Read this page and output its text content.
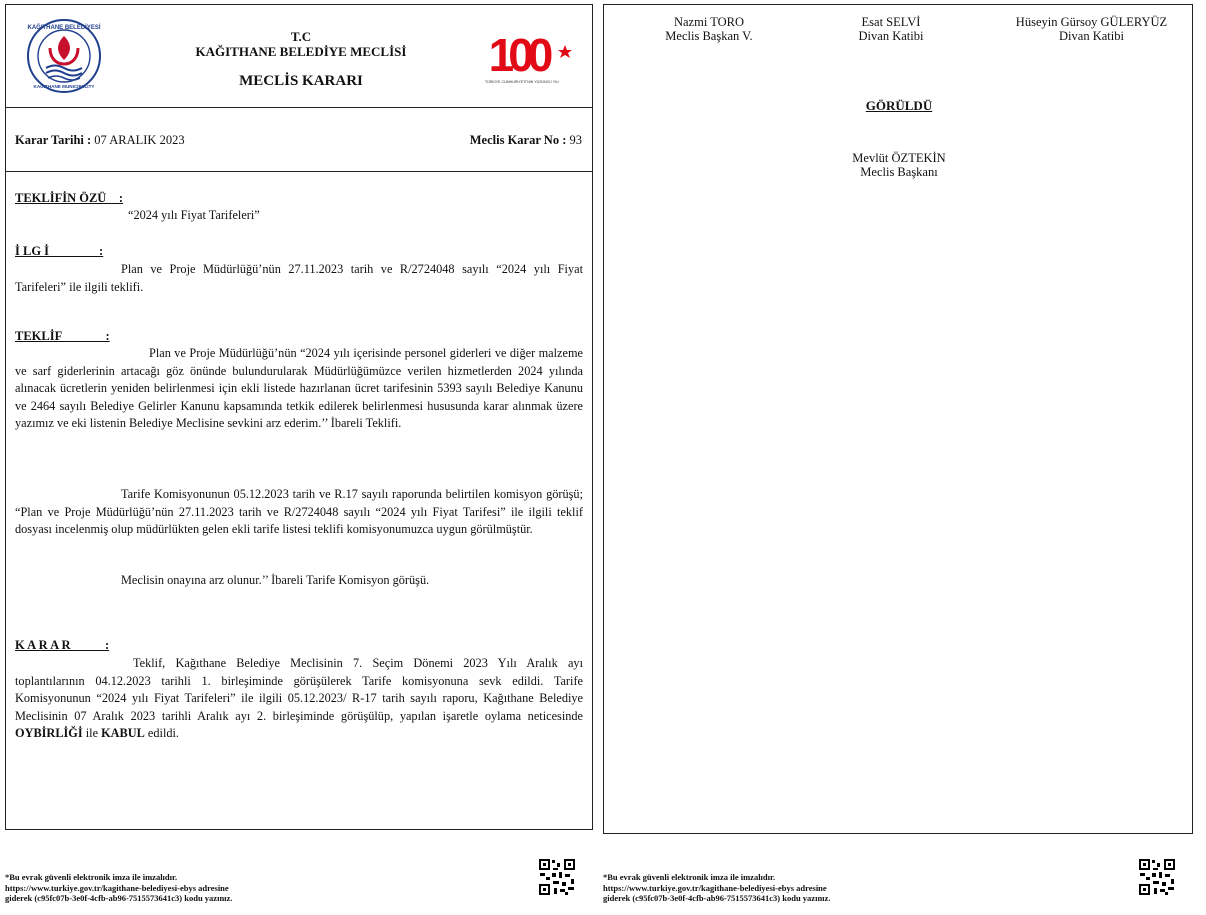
KAĞITHANE BELEDİYESİ
KAĞITHANE MUNICIPALITY
T.C
KAĞITHANE BELEDİYE MECLİSİ
MECLİS KARARI	100
TÜRKİYE CUMHURİYETİ'NİN YÜZÜNCÜ YILI
Karar Tarihi : 07 ARALIK 2023	Meclis Karar No : 93
TEKLİFİN ÖZÜ    :
“2024 yılı Fiyat Tarifeleri”
İ LG İ                :
Plan ve Proje Müdürlüğü’nün 27.11.2023 tarih ve R/2724048 sayılı “2024 yılı Fiyat Tarifeleri” ile ilgili teklifi.
TEKLİF              :
Plan ve Proje Müdürlüğü’nün “2024 yılı içerisinde personel giderleri ve diğer malzeme ve sarf giderlerinin artacağı göz önünde bulundurularak Müdürlüğümüzce verilen hizmetlerden 2024 yılında alınacak ücretlerin yeniden belirlenmesi için ekli listede hazırlanan ücret tarifesinin 5393 sayılı Belediye Kanunu ve 2464 sayılı Belediye Gelirler Kanunu kapsamında tetkik edilerek belirlenmesi hususunda karar alınmak üzere yazımız ve eki listenin Belediye Meclisine sevkini arz ederim.’’ İbareli Teklifi.
Tarife Komisyonunun 05.12.2023 tarih ve R.17 sayılı raporunda belirtilen komisyon görüşü; “Plan ve Proje Müdürlüğü’nün 27.11.2023 tarih ve R/2724048 sayılı “2024 yılı Fiyat Tarifesi” ile ilgili teklif dosyası incelenmiş olup müdürlükten gelen ekli tarife listesi teklifi komisyonumuzca uygun görülmüştür.
Meclisin onayına arz olunur.’’ İbareli Tarife Komisyon görüşü.
K A R A R           :
Teklif, Kağıthane Belediye Meclisinin 7. Seçim Dönemi 2023 Yılı Aralık ayı toplantılarının 04.12.2023 tarihli 1. birleşiminde görüşülerek Tarife komisyonuna sevk edildi. Tarife Komisyonunun “2024 yılı Fiyat Tarifeleri” ile ilgili 05.12.2023/ R-17 tarih sayılı raporu, Kağıthane Belediye Meclisinin 07 Aralık 2023 tarihli Aralık ayı 2. birleşiminde görüşülüp, yapılan işaretle oylama neticesinde OYBİRLİĞİ ile KABUL edildi.
*Bu evrak güvenli elektronik imza ile imzalıdır.
https://www.turkiye.gov.tr/kagithane-belediyesi-ebys adresine
giderek (c95fc07b-3e0f-4cfb-ab96-7515573641c3) kodu yazınız.
Nazmi TORO
Meclis Başkan V.
Esat SELVİ
Divan Katibi
Hüseyin Gürsoy GÜLERYÜZ
Divan Katibi
GÖRÜLDÜ
Mevlüt ÖZTEKİN
Meclis Başkanı
*Bu evrak güvenli elektronik imza ile imzalıdır.
https://www.turkiye.gov.tr/kagithane-belediyesi-ebys adresine
giderek (c95fc07b-3e0f-4cfb-ab96-7515573641c3) kodu yazınız.
